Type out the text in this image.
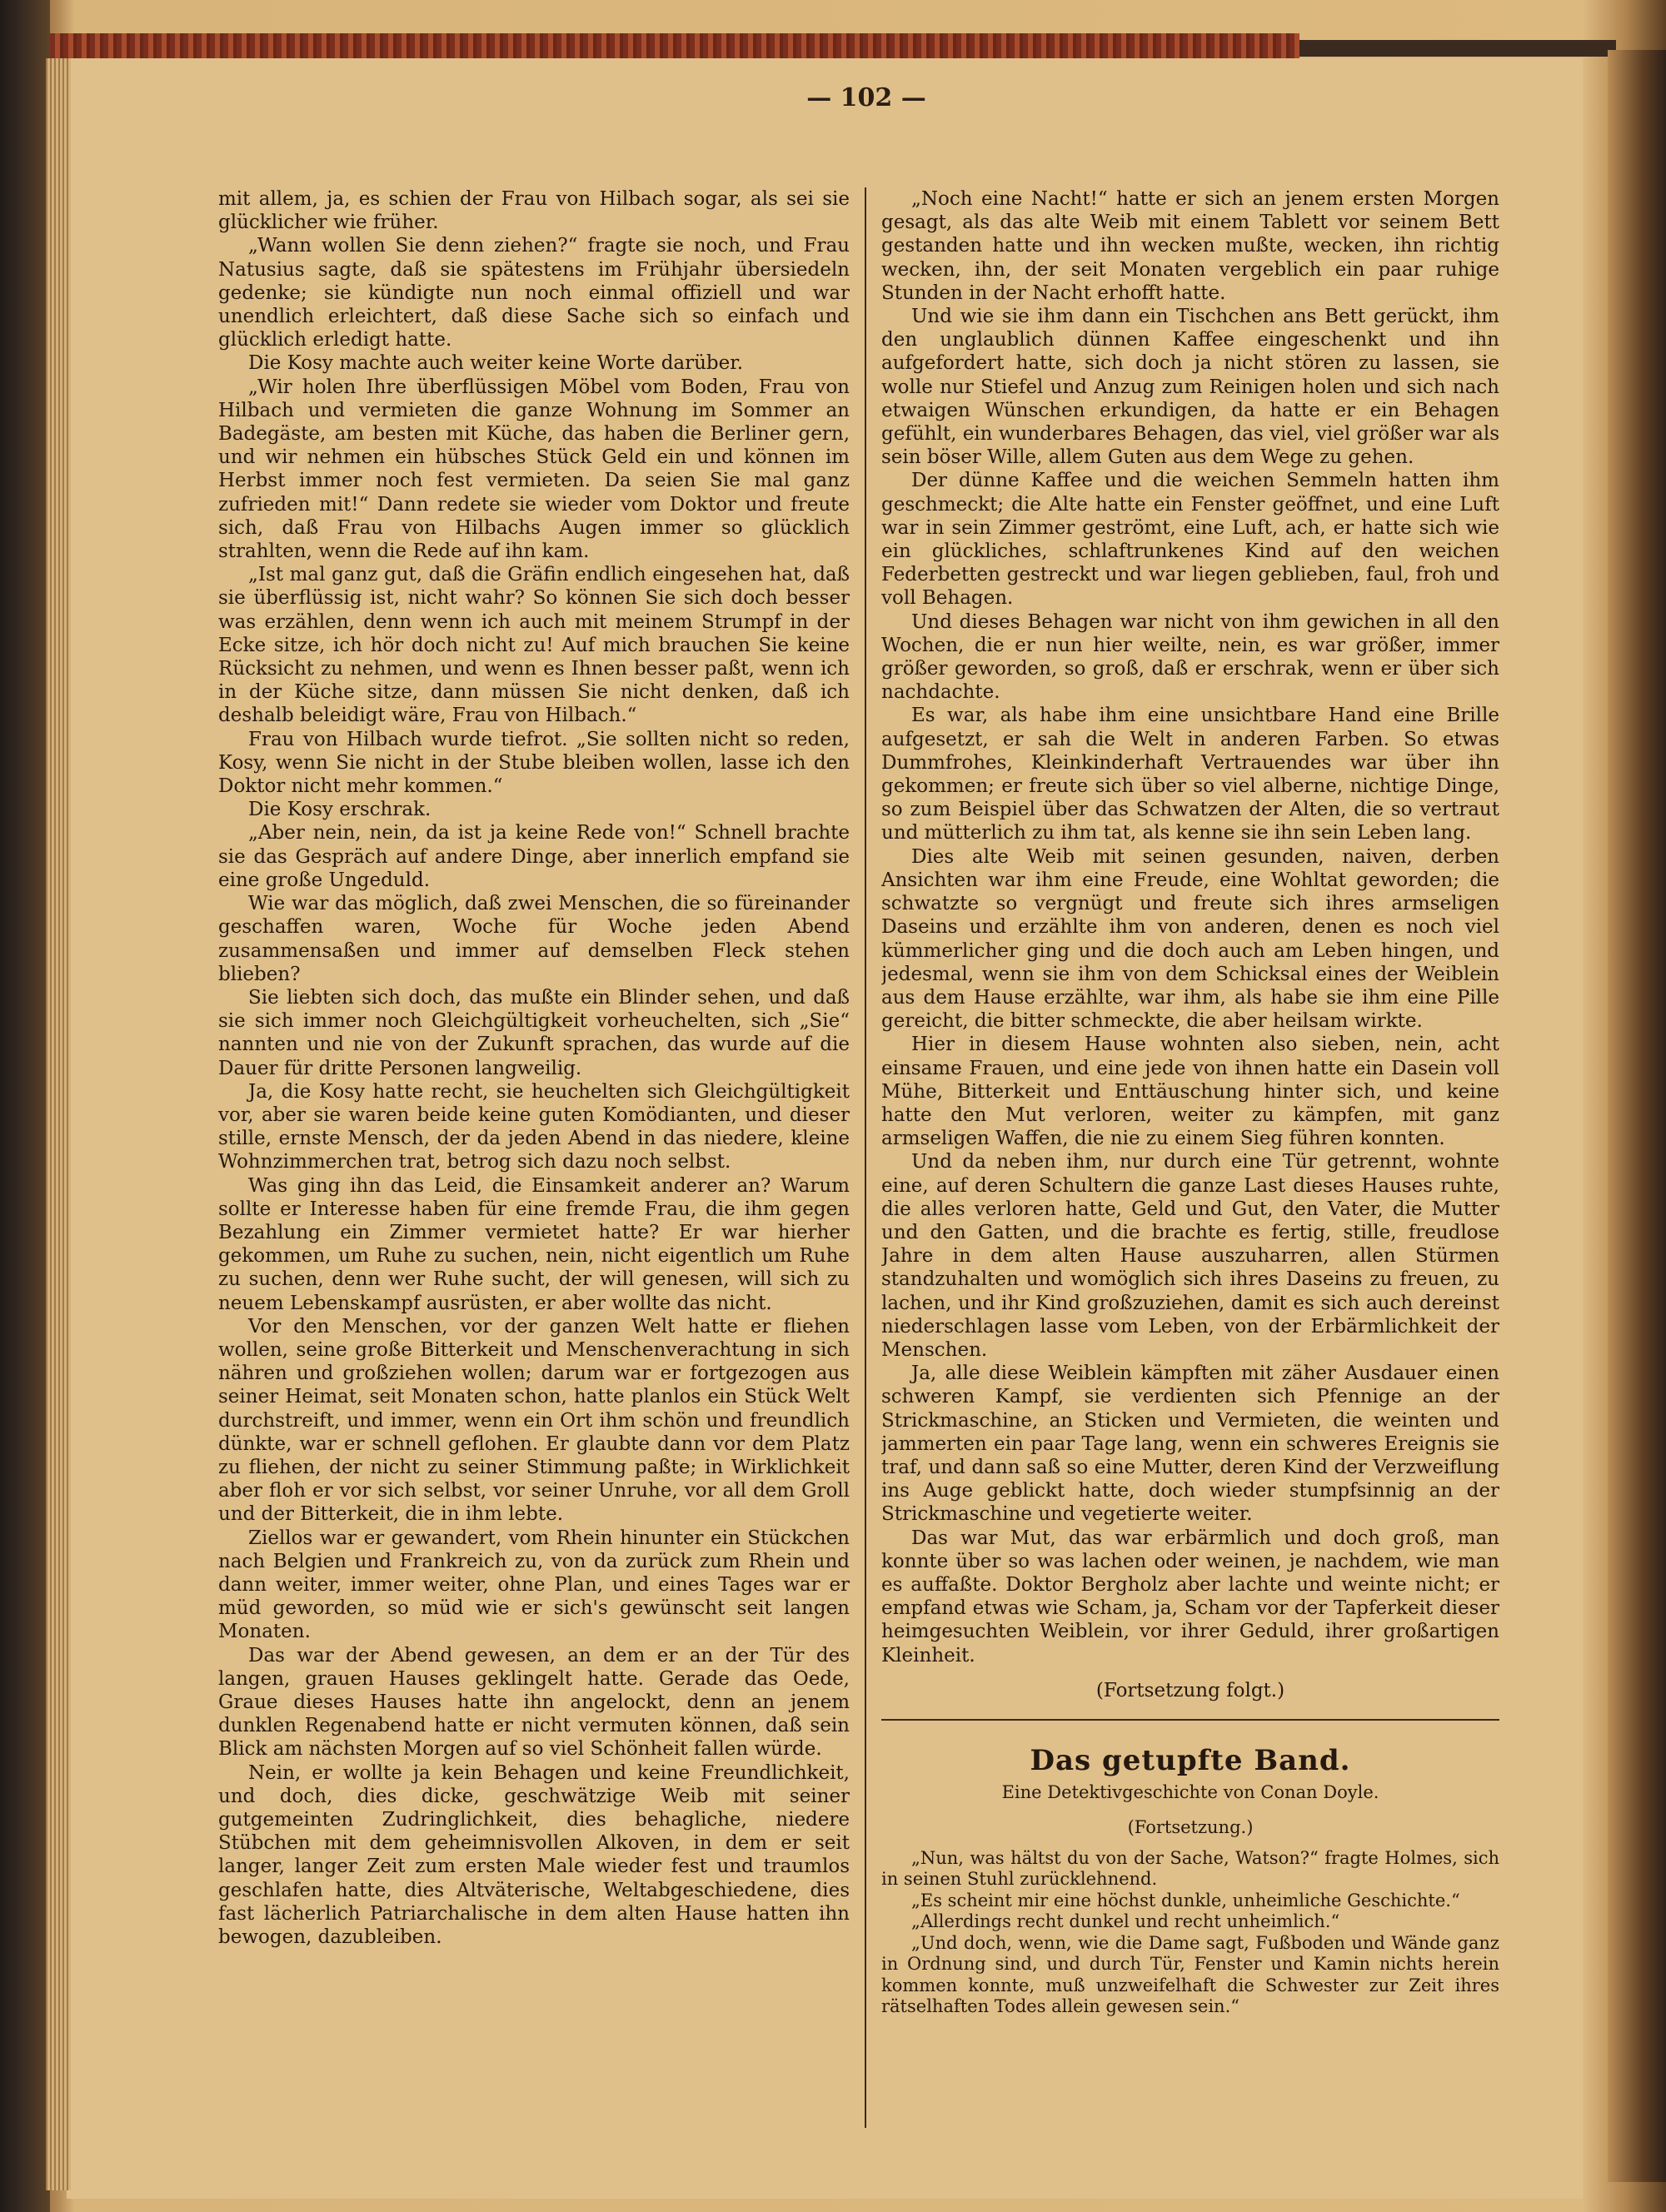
— 102 —

mit allem, ja, es schien der Frau von Hilbach sogar, als sei sie glücklicher wie früher.

„Wann wollen Sie denn ziehen?“ fragte sie noch, und Frau Natusius sagte, daß sie spätestens im Frühjahr übersiedeln gedenke; sie kündigte nun noch einmal offiziell und war unendlich erleichtert, daß diese Sache sich so einfach und glücklich erledigt hatte.

Die Kosy machte auch weiter keine Worte darüber.

„Wir holen Ihre überflüssigen Möbel vom Boden, Frau von Hilbach und vermieten die ganze Wohnung im Sommer an Badegäste, am besten mit Küche, das haben die Berliner gern, und wir nehmen ein hübsches Stück Geld ein und können im Herbst immer noch fest vermieten. Da seien Sie mal ganz zufrieden mit!“ Dann redete sie wieder vom Doktor und freute sich, daß Frau von Hilbachs Augen immer so glücklich strahlten, wenn die Rede auf ihn kam.

„Ist mal ganz gut, daß die Gräfin endlich eingesehen hat, daß sie überflüssig ist, nicht wahr? So können Sie sich doch besser was erzählen, denn wenn ich auch mit meinem Strumpf in der Ecke sitze, ich hör doch nicht zu! Auf mich brauchen Sie keine Rücksicht zu nehmen, und wenn es Ihnen besser paßt, wenn ich in der Küche sitze, dann müssen Sie nicht denken, daß ich deshalb beleidigt wäre, Frau von Hilbach.“

Frau von Hilbach wurde tiefrot. „Sie sollten nicht so reden, Kosy, wenn Sie nicht in der Stube bleiben wollen, lasse ich den Doktor nicht mehr kommen.“

Die Kosy erschrak.

„Aber nein, nein, da ist ja keine Rede von!“ Schnell brachte sie das Gespräch auf andere Dinge, aber innerlich empfand sie eine große Ungeduld.

Wie war das möglich, daß zwei Menschen, die so füreinander geschaffen waren, Woche für Woche jeden Abend zusammensaßen und immer auf demselben Fleck stehen blieben?

Sie liebten sich doch, das mußte ein Blinder sehen, und daß sie sich immer noch Gleichgültigkeit vorheuchelten, sich „Sie“ nannten und nie von der Zukunft sprachen, das wurde auf die Dauer für dritte Personen langweilig.

Ja, die Kosy hatte recht, sie heuchelten sich Gleichgültigkeit vor, aber sie waren beide keine guten Komödianten, und dieser stille, ernste Mensch, der da jeden Abend in das niedere, kleine Wohnzimmerchen trat, betrog sich dazu noch selbst.

Was ging ihn das Leid, die Einsamkeit anderer an? Warum sollte er Interesse haben für eine fremde Frau, die ihm gegen Bezahlung ein Zimmer vermietet hatte? Er war hierher gekommen, um Ruhe zu suchen, nein, nicht eigentlich um Ruhe zu suchen, denn wer Ruhe sucht, der will genesen, will sich zu neuem Lebenskampf ausrüsten, er aber wollte das nicht.

Vor den Menschen, vor der ganzen Welt hatte er fliehen wollen, seine große Bitterkeit und Menschenverachtung in sich nähren und großziehen wollen; darum war er fortgezogen aus seiner Heimat, seit Monaten schon, hatte planlos ein Stück Welt durchstreift, und immer, wenn ein Ort ihm schön und freundlich dünkte, war er schnell geflohen. Er glaubte dann vor dem Platz zu fliehen, der nicht zu seiner Stimmung paßte; in Wirklichkeit aber floh er vor sich selbst, vor seiner Unruhe, vor all dem Groll und der Bitterkeit, die in ihm lebte.

Ziellos war er gewandert, vom Rhein hinunter ein Stückchen nach Belgien und Frankreich zu, von da zurück zum Rhein und dann weiter, immer weiter, ohne Plan, und eines Tages war er müd geworden, so müd wie er sich's gewünscht seit langen Monaten.

Das war der Abend gewesen, an dem er an der Tür des langen, grauen Hauses geklingelt hatte. Gerade das Oede, Graue dieses Hauses hatte ihn angelockt, denn an jenem dunklen Regenabend hatte er nicht vermuten können, daß sein Blick am nächsten Morgen auf so viel Schönheit fallen würde.

Nein, er wollte ja kein Behagen und keine Freundlichkeit, und doch, dies dicke, geschwätzige Weib mit seiner gutgemeinten Zudringlichkeit, dies behagliche, niedere Stübchen mit dem geheimnisvollen Alkoven, in dem er seit langer, langer Zeit zum ersten Male wieder fest und traumlos geschlafen hatte, dies Altväterische, Weltabgeschiedene, dies fast lächerlich Patriarchalische in dem alten Hause hatten ihn bewogen, dazubleiben.

„Noch eine Nacht!“ hatte er sich an jenem ersten Morgen gesagt, als das alte Weib mit einem Tablett vor seinem Bett gestanden hatte und ihn wecken mußte, wecken, ihn richtig wecken, ihn, der seit Monaten vergeblich ein paar ruhige Stunden in der Nacht erhofft hatte.

Und wie sie ihm dann ein Tischchen ans Bett gerückt, ihm den unglaublich dünnen Kaffee eingeschenkt und ihn aufgefordert hatte, sich doch ja nicht stören zu lassen, sie wolle nur Stiefel und Anzug zum Reinigen holen und sich nach etwaigen Wünschen erkundigen, da hatte er ein Behagen gefühlt, ein wunderbares Behagen, das viel, viel größer war als sein böser Wille, allem Guten aus dem Wege zu gehen.

Der dünne Kaffee und die weichen Semmeln hatten ihm geschmeckt; die Alte hatte ein Fenster geöffnet, und eine Luft war in sein Zimmer geströmt, eine Luft, ach, er hatte sich wie ein glückliches, schlaftrunkenes Kind auf den weichen Federbetten gestreckt und war liegen geblieben, faul, froh und voll Behagen.

Und dieses Behagen war nicht von ihm gewichen in all den Wochen, die er nun hier weilte, nein, es war größer, immer größer geworden, so groß, daß er erschrak, wenn er über sich nachdachte.

Es war, als habe ihm eine unsichtbare Hand eine Brille aufgesetzt, er sah die Welt in anderen Farben. So etwas Dummfrohes, Kleinkinderhaft Vertrauendes war über ihn gekommen; er freute sich über so viel alberne, nichtige Dinge, so zum Beispiel über das Schwatzen der Alten, die so vertraut und mütterlich zu ihm tat, als kenne sie ihn sein Leben lang.

Dies alte Weib mit seinen gesunden, naiven, derben Ansichten war ihm eine Freude, eine Wohltat geworden; die schwatzte so vergnügt und freute sich ihres armseligen Daseins und erzählte ihm von anderen, denen es noch viel kümmerlicher ging und die doch auch am Leben hingen, und jedesmal, wenn sie ihm von dem Schicksal eines der Weiblein aus dem Hause erzählte, war ihm, als habe sie ihm eine Pille gereicht, die bitter schmeckte, die aber heilsam wirkte.

Hier in diesem Hause wohnten also sieben, nein, acht einsame Frauen, und eine jede von ihnen hatte ein Dasein voll Mühe, Bitterkeit und Enttäuschung hinter sich, und keine hatte den Mut verloren, weiter zu kämpfen, mit ganz armseligen Waffen, die nie zu einem Sieg führen konnten.

Und da neben ihm, nur durch eine Tür getrennt, wohnte eine, auf deren Schultern die ganze Last dieses Hauses ruhte, die alles verloren hatte, Geld und Gut, den Vater, die Mutter und den Gatten, und die brachte es fertig, stille, freudlose Jahre in dem alten Hause auszuharren, allen Stürmen standzuhalten und womöglich sich ihres Daseins zu freuen, zu lachen, und ihr Kind großzuziehen, damit es sich auch dereinst niederschlagen lasse vom Leben, von der Erbärmlichkeit der Menschen.

Ja, alle diese Weiblein kämpften mit zäher Ausdauer einen schweren Kampf, sie verdienten sich Pfennige an der Strickmaschine, an Sticken und Vermieten, die weinten und jammerten ein paar Tage lang, wenn ein schweres Ereignis sie traf, und dann saß so eine Mutter, deren Kind der Verzweiflung ins Auge geblickt hatte, doch wieder stumpfsinnig an der Strickmaschine und vegetierte weiter.

Das war Mut, das war erbärmlich und doch groß, man konnte über so was lachen oder weinen, je nachdem, wie man es auffaßte. Doktor Bergholz aber lachte und weinte nicht; er empfand etwas wie Scham, ja, Scham vor der Tapferkeit dieser heimgesuchten Weiblein, vor ihrer Geduld, ihrer großartigen Kleinheit.

(Fortsetzung folgt.)

Das getupfte Band.
Eine Detektivgeschichte von Conan Doyle.
(Fortsetzung.)

„Nun, was hältst du von der Sache, Watson?“ fragte Holmes, sich in seinen Stuhl zurücklehnend.

„Es scheint mir eine höchst dunkle, unheimliche Geschichte.“

„Allerdings recht dunkel und recht unheimlich.“

„Und doch, wenn, wie die Dame sagt, Fußboden und Wände ganz in Ordnung sind, und durch Tür, Fenster und Kamin nichts herein kommen konnte, muß unzweifelhaft die Schwester zur Zeit ihres rätselhaften Todes allein gewesen sein.“
